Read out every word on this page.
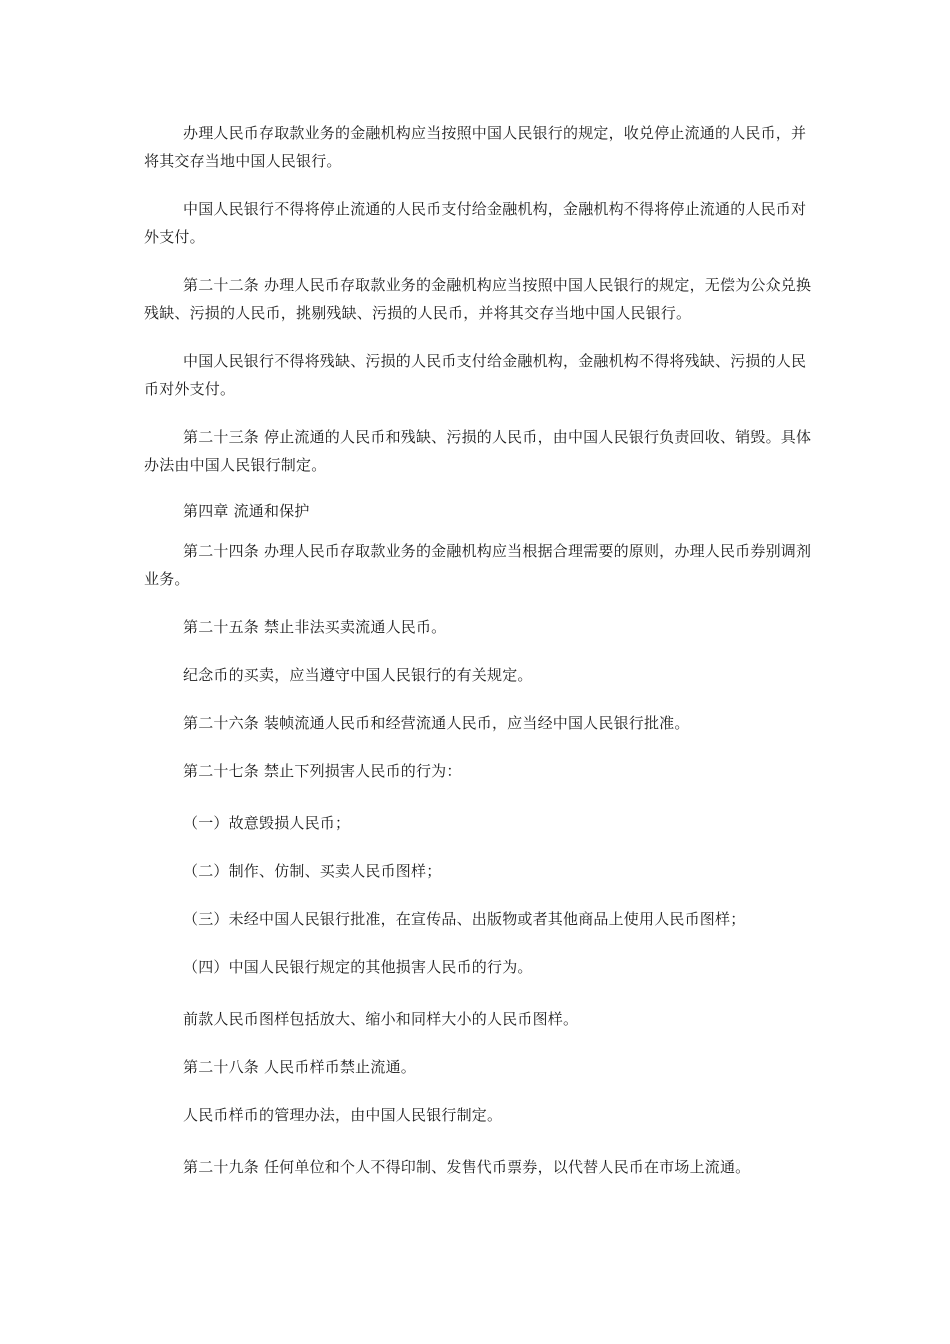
办理人民币存取款业务的金融机构应当按照中国人民银行的规定，收兑停止流通的人民币，并将其交存当地中国人民银行。

中国人民银行不得将停止流通的人民币支付给金融机构，金融机构不得将停止流通的人民币对外支付。

第二十二条 办理人民币存取款业务的金融机构应当按照中国人民银行的规定，无偿为公众兑换残缺、污损的人民币，挑剔残缺、污损的人民币，并将其交存当地中国人民银行。

中国人民银行不得将残缺、污损的人民币支付给金融机构，金融机构不得将残缺、污损的人民币对外支付。

第二十三条 停止流通的人民币和残缺、污损的人民币，由中国人民银行负责回收、销毁。具体办法由中国人民银行制定。

第四章 流通和保护

第二十四条 办理人民币存取款业务的金融机构应当根据合理需要的原则，办理人民币券别调剂业务。

第二十五条 禁止非法买卖流通人民币。

纪念币的买卖，应当遵守中国人民银行的有关规定。

第二十六条 装帧流通人民币和经营流通人民币，应当经中国人民银行批准。

第二十七条 禁止下列损害人民币的行为：

（一）故意毁损人民币；

（二）制作、仿制、买卖人民币图样；

（三）未经中国人民银行批准，在宣传品、出版物或者其他商品上使用人民币图样；

（四）中国人民银行规定的其他损害人民币的行为。

前款人民币图样包括放大、缩小和同样大小的人民币图样。

第二十八条 人民币样币禁止流通。

人民币样币的管理办法，由中国人民银行制定。

第二十九条 任何单位和个人不得印制、发售代币票券，以代替人民币在市场上流通。
